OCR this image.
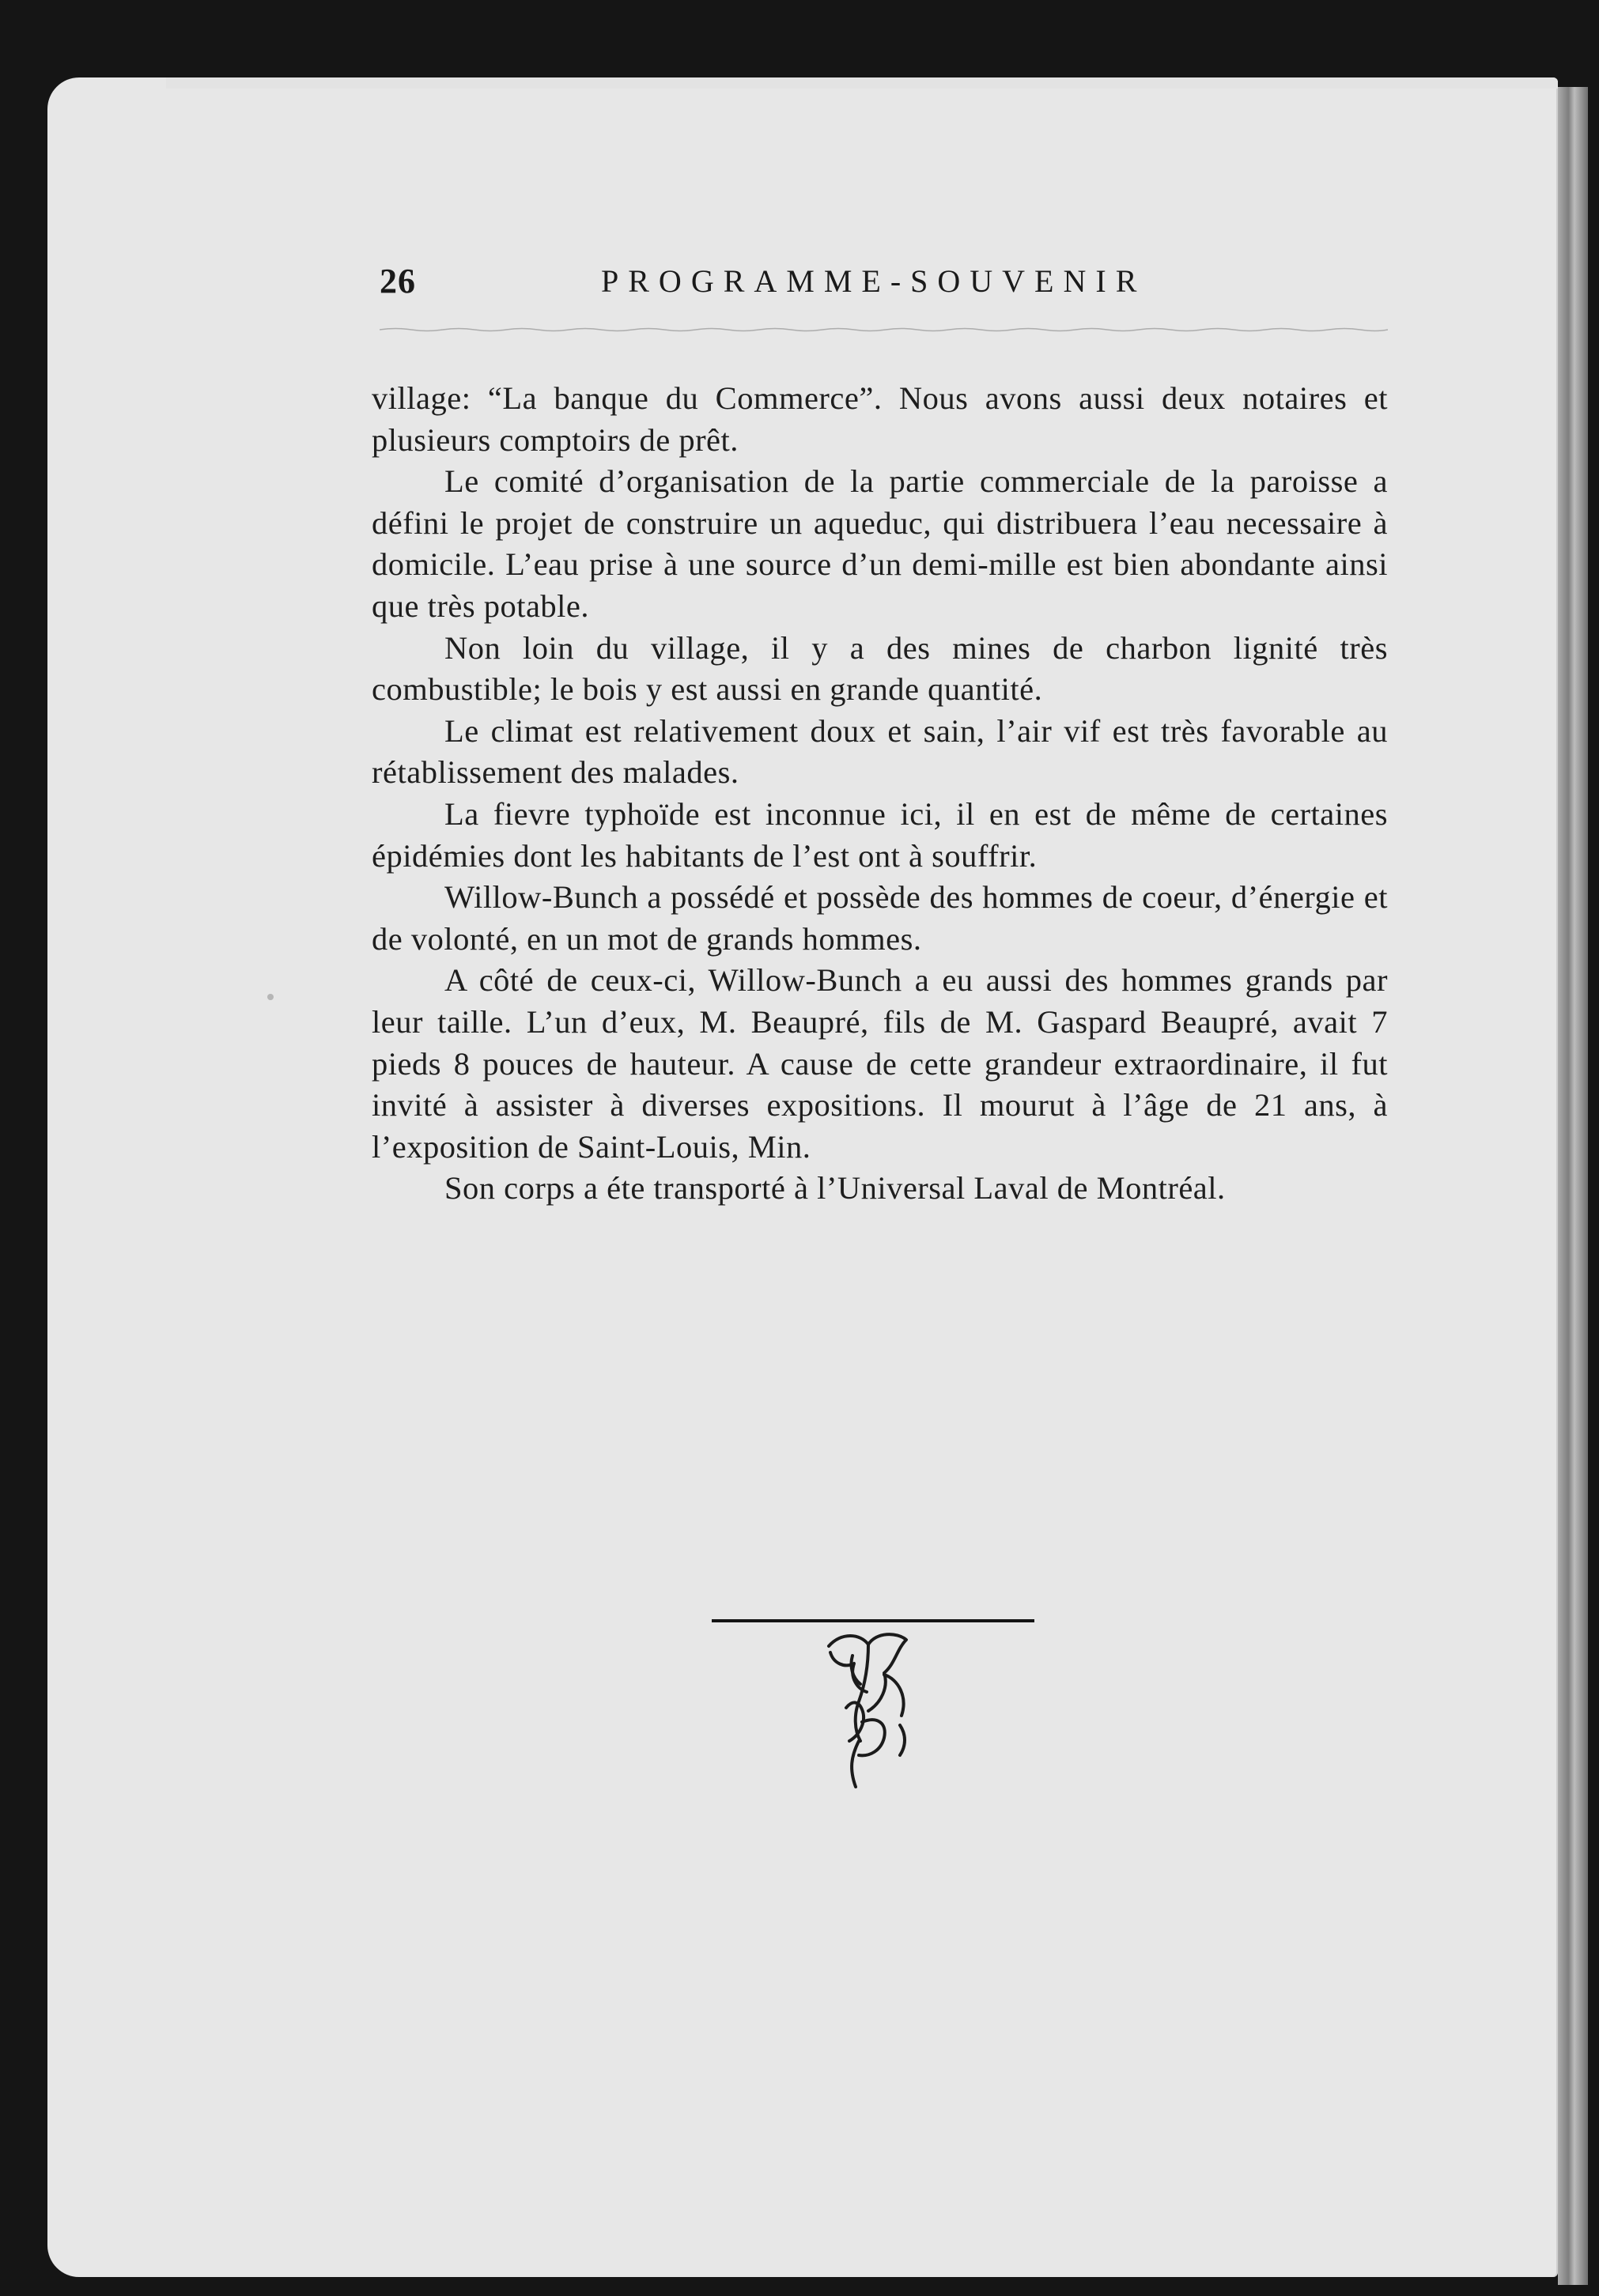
26	PROGRAMME-SOUVENIR

village: “La banque du Commerce”. Nous avons aussi deux notaires et plusieurs comptoirs de prêt.

Le comité d’organisation de la partie commerciale de la paroisse a défini le projet de construire un aqueduc, qui distribuera l’eau necessaire à domicile. L’eau prise à une source d’un demi-mille est bien abondante ainsi que très potable.

Non loin du village, il y a des mines de charbon lignité très combustible; le bois y est aussi en grande quantité.

Le climat est relativement doux et sain, l’air vif est très favorable au rétablissement des malades.

La fievre typhoïde est inconnue ici, il en est de même de certaines épidémies dont les habitants de l’est ont à souffrir.

Willow-Bunch a possédé et possède des hommes de coeur, d’énergie et de volonté, en un mot de grands hommes.

A côté de ceux-ci, Willow-Bunch a eu aussi des hommes grands par leur taille. L’un d’eux, M. Beaupré, fils de M. Gaspard Beaupré, avait 7 pieds 8 pouces de hauteur. A cause de cette grandeur extraordinaire, il fut invité à assister à diverses expositions. Il mourut à l’âge de 21 ans, à l’exposition de Saint-Louis, Min.

Son corps a éte transporté à l’Universal Laval de Montréal.
